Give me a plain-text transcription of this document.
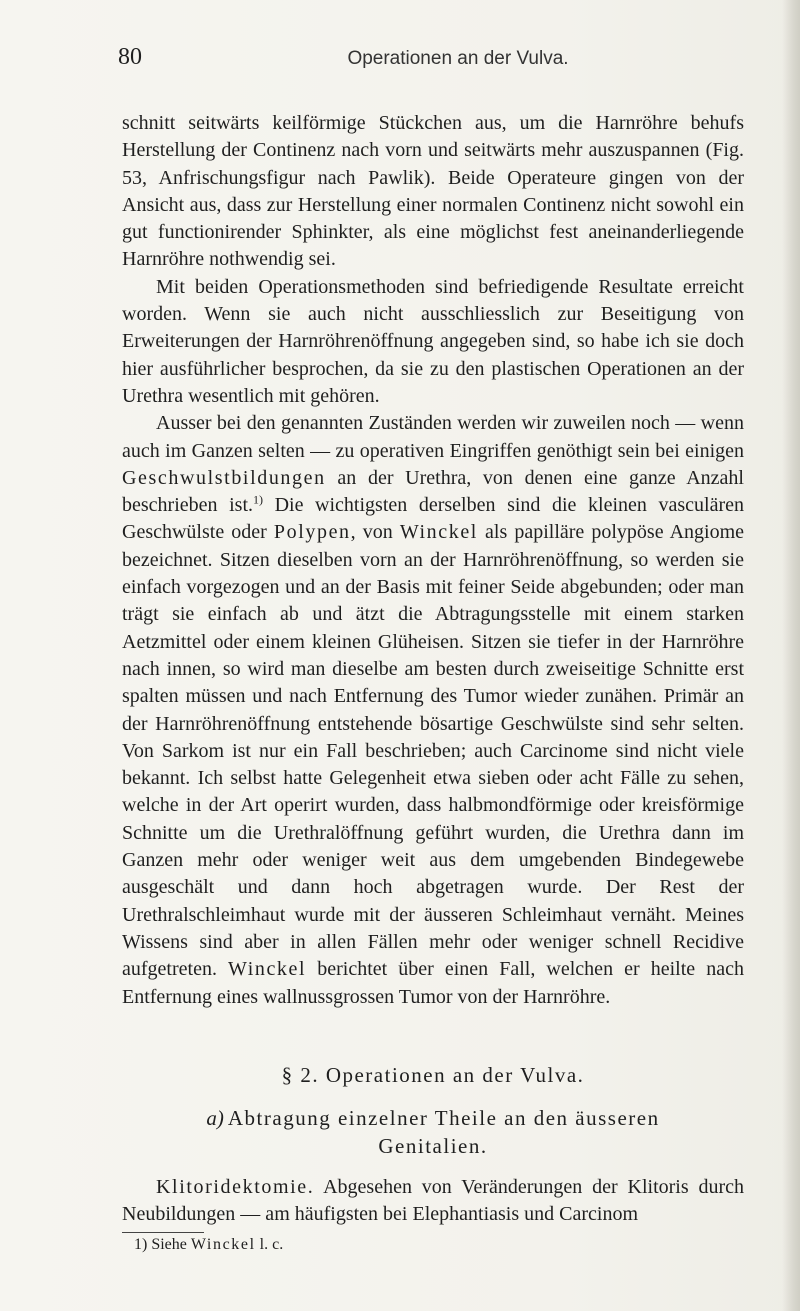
80	Operationen an der Vulva.

schnitt seitwärts keilförmige Stückchen aus, um die Harnröhre behufs Herstellung der Continenz nach vorn und seitwärts mehr auszuspannen (Fig. 53, Anfrischungsfigur nach Pawlik). Beide Operateure gingen von der Ansicht aus, dass zur Herstellung einer normalen Continenz nicht sowohl ein gut functionirender Sphinkter, als eine möglichst fest aneinanderliegende Harnröhre nothwendig sei.

Mit beiden Operationsmethoden sind befriedigende Resultate erreicht worden. Wenn sie auch nicht ausschliesslich zur Beseitigung von Erweiterungen der Harnröhrenöffnung angegeben sind, so habe ich sie doch hier ausführlicher besprochen, da sie zu den plastischen Operationen an der Urethra wesentlich mit gehören.

Ausser bei den genannten Zuständen werden wir zuweilen noch — wenn auch im Ganzen selten — zu operativen Eingriffen genöthigt sein bei einigen Geschwulstbildungen an der Urethra, von denen eine ganze Anzahl beschrieben ist.$^{1)}$ Die wichtigsten derselben sind die kleinen vasculären Geschwülste oder Polypen, von Winckel als papilläre polypöse Angiome bezeichnet. Sitzen dieselben vorn an der Harnröhrenöffnung, so werden sie einfach vorgezogen und an der Basis mit feiner Seide abgebunden; oder man trägt sie einfach ab und ätzt die Abtragungsstelle mit einem starken Aetzmittel oder einem kleinen Glüheisen. Sitzen sie tiefer in der Harnröhre nach innen, so wird man dieselbe am besten durch zweiseitige Schnitte erst spalten müssen und nach Entfernung des Tumor wieder zunähen. Primär an der Harnröhrenöffnung entstehende bösartige Geschwülste sind sehr selten. Von Sarkom ist nur ein Fall beschrieben; auch Carcinome sind nicht viele bekannt. Ich selbst hatte Gelegenheit etwa sieben oder acht Fälle zu sehen, welche in der Art operirt wurden, dass halbmondförmige oder kreisförmige Schnitte um die Urethralöffnung geführt wurden, die Urethra dann im Ganzen mehr oder weniger weit aus dem umgebenden Bindegewebe ausgeschält und dann hoch abgetragen wurde. Der Rest der Urethralschleimhaut wurde mit der äusseren Schleimhaut vernäht. Meines Wissens sind aber in allen Fällen mehr oder weniger schnell Recidive aufgetreten. Winckel berichtet über einen Fall, welchen er heilte nach Entfernung eines wallnussgrossen Tumor von der Harnröhre.

§ 2. Operationen an der Vulva.
a) Abtragung einzelner Theile an den äusseren
Genitalien.

Klitoridektomie. Abgesehen von Veränderungen der Klitoris durch Neubildungen — am häufigsten bei Elephantiasis und Carcinom

1) Siehe Winckel l. c.
